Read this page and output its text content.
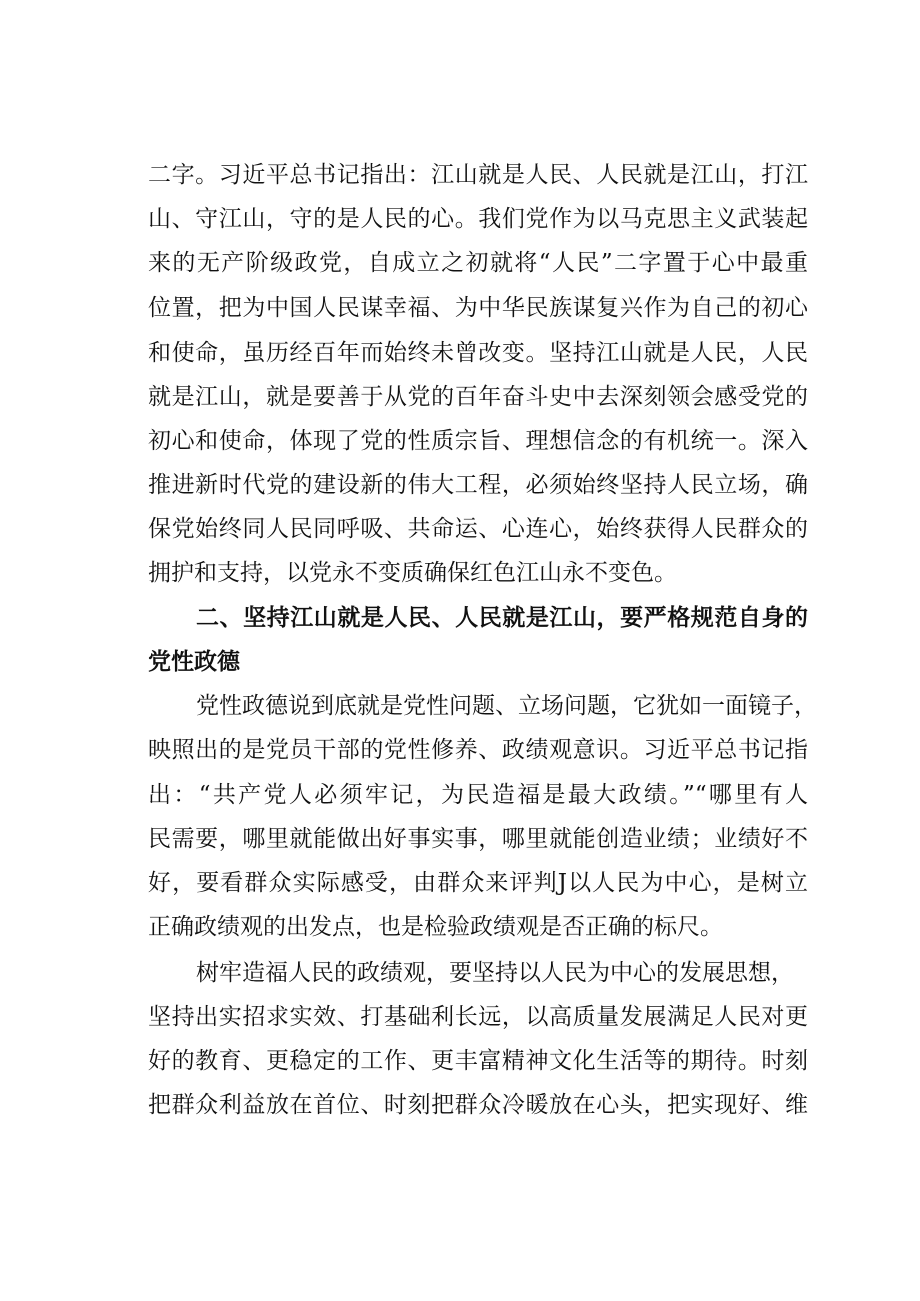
二字。习近平总书记指出：江山就是人民、人民就是江山，打江

山、守江山，守的是人民的心。我们党作为以马克思主义武装起

来的无产阶级政党，自成立之初就将“人民”二字置于心中最重

位置，把为中国人民谋幸福、为中华民族谋复兴作为自己的初心

和使命，虽历经百年而始终未曾改变。坚持江山就是人民，人民

就是江山，就是要善于从党的百年奋斗史中去深刻领会感受党的

初心和使命，体现了党的性质宗旨、理想信念的有机统一。深入

推进新时代党的建设新的伟大工程，必须始终坚持人民立场，确

保党始终同人民同呼吸、共命运、心连心，始终获得人民群众的

拥护和支持，以党永不变质确保红色江山永不变色。

二、坚持江山就是人民、人民就是江山，要严格规范自身的

党性政德

党性政德说到底就是党性问题、立场问题，它犹如一面镜子，

映照出的是党员干部的党性修养、政绩观意识。习近平总书记指

出：“共产党人必须牢记，为民造福是最大政绩。”“哪里有人

民需要，哪里就能做出好事实事，哪里就能创造业绩；业绩好不

好，要看群众实际感受，由群众来评判J以人民为中心，是树立

正确政绩观的出发点，也是检验政绩观是否正确的标尺。

树牢造福人民的政绩观，要坚持以人民为中心的发展思想，

坚持出实招求实效、打基础利长远，以高质量发展满足人民对更

好的教育、更稳定的工作、更丰富精神文化生活等的期待。时刻

把群众利益放在首位、时刻把群众冷暖放在心头，把实现好、维
